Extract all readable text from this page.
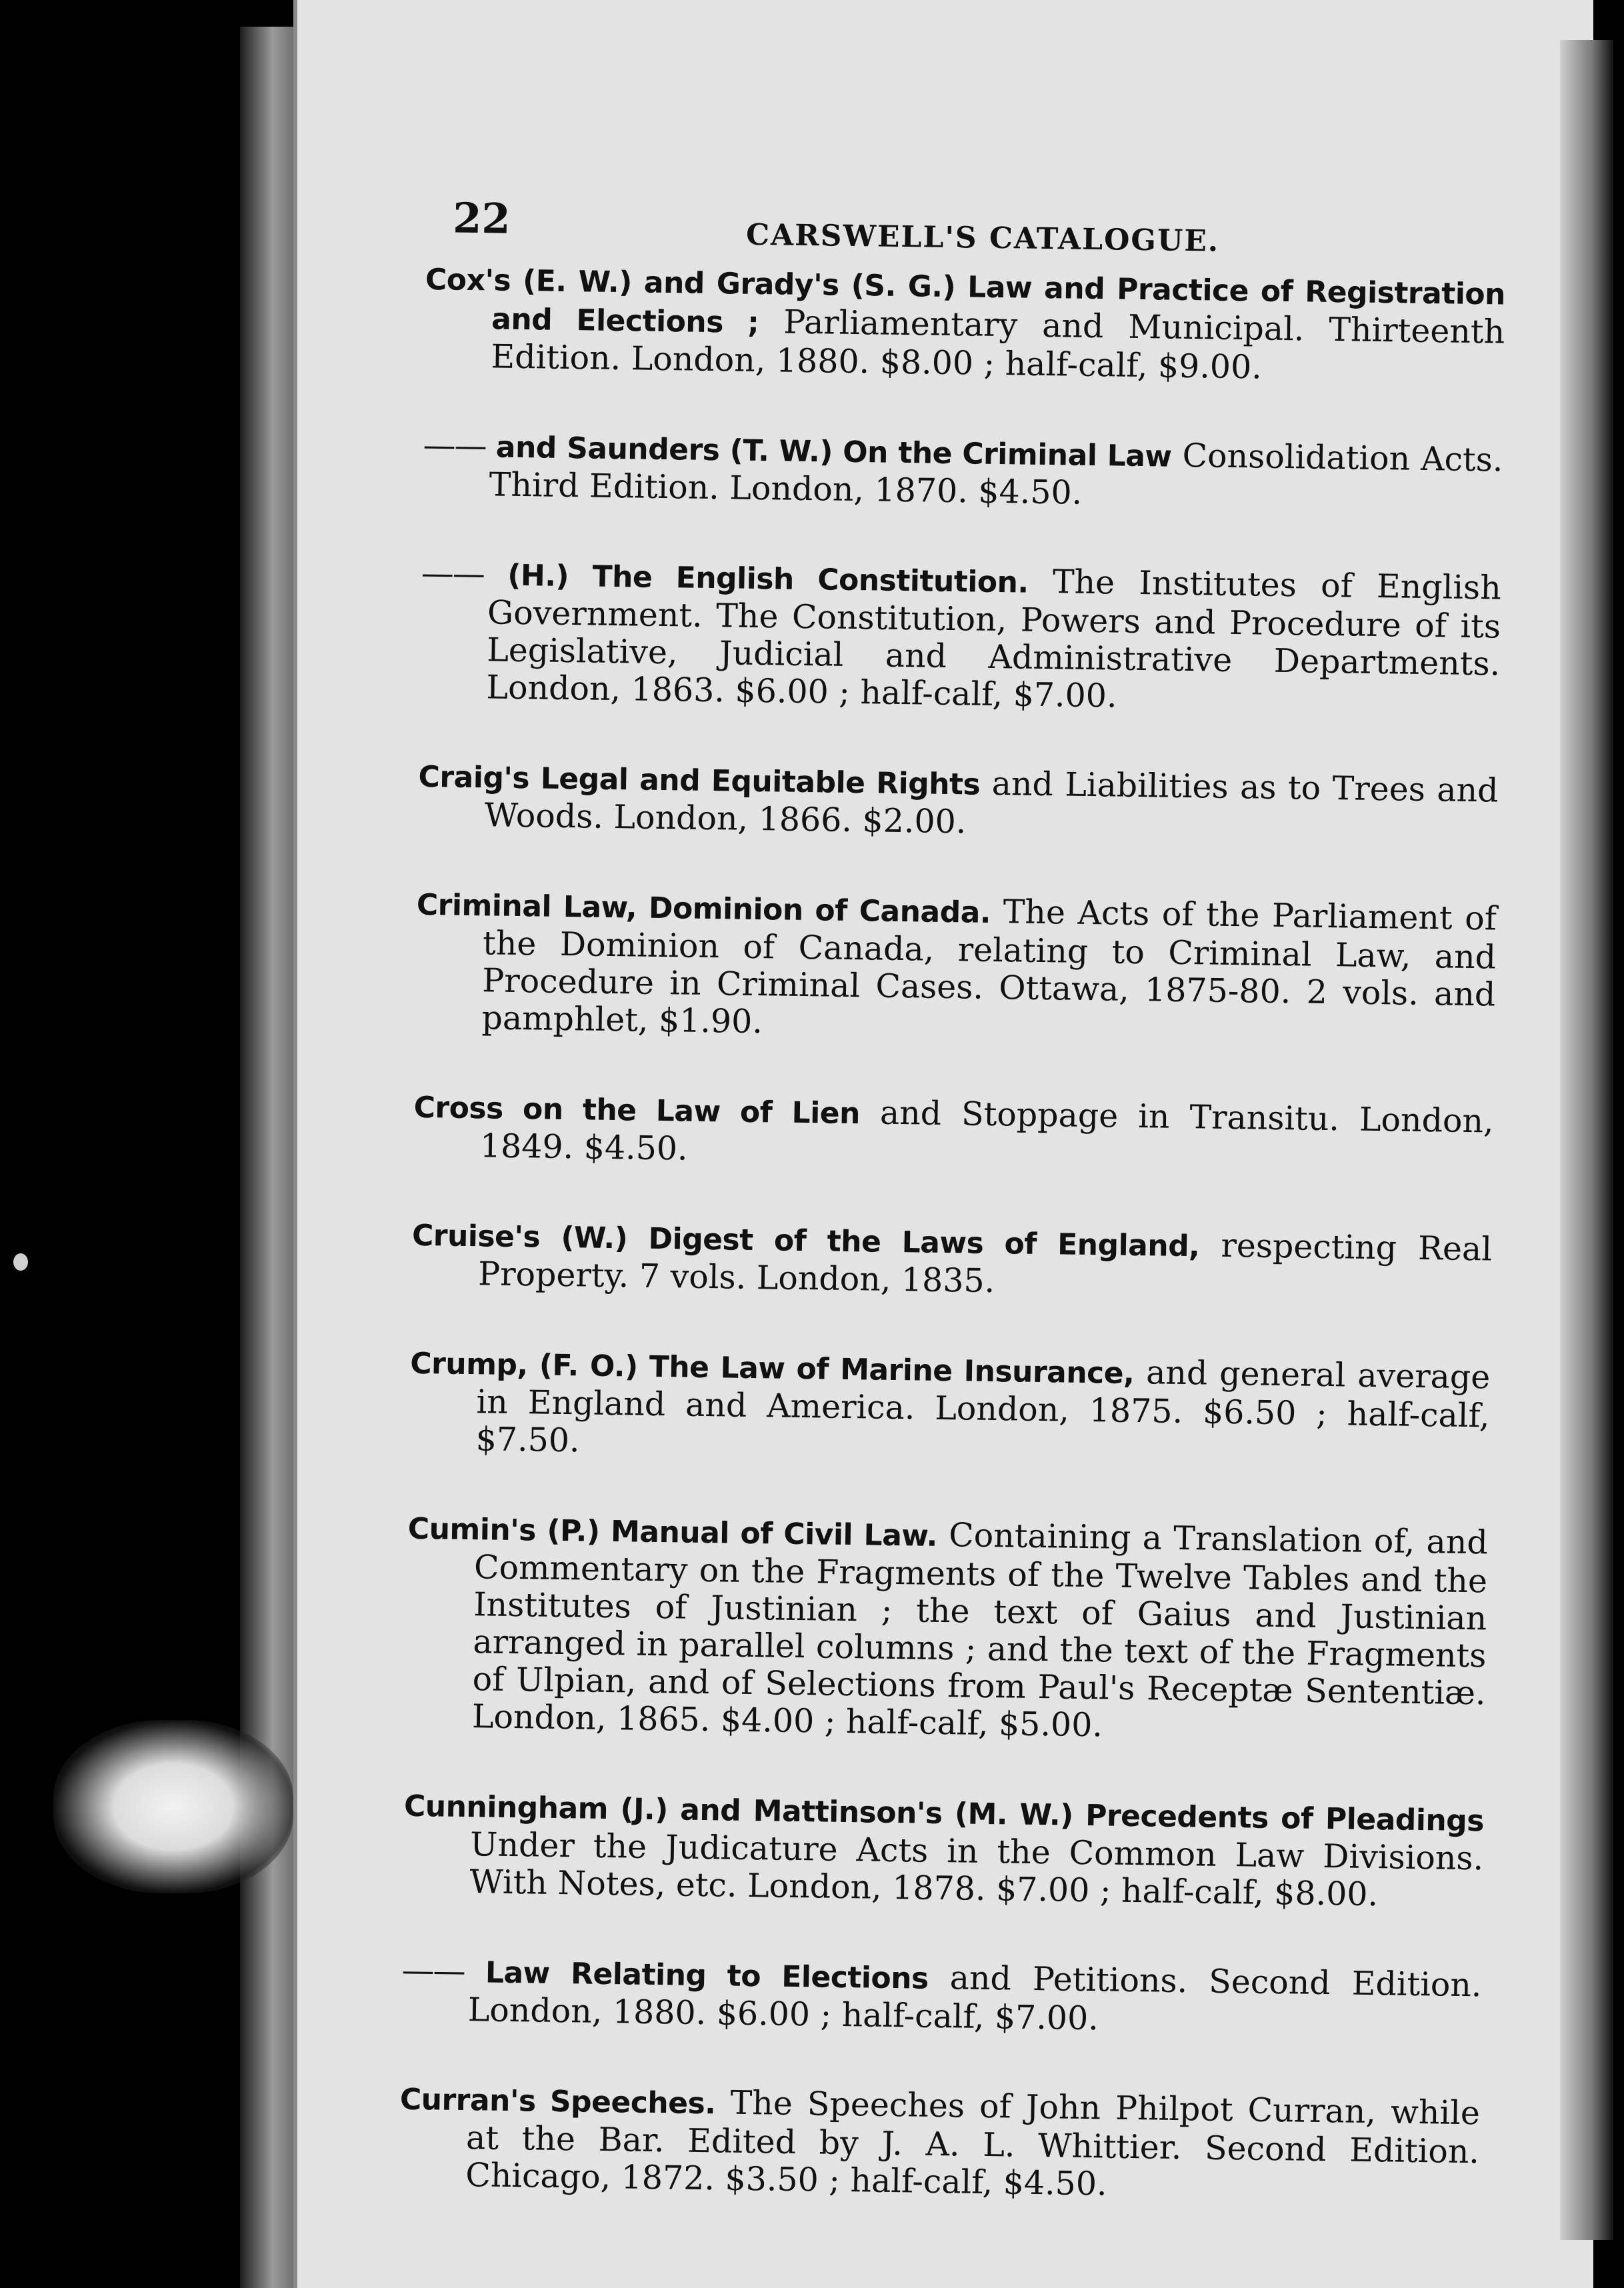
22	CARSWELL'S CATALOGUE.
Cox's (E. W.) and Grady's (S. G.) Law and Practice of Registration and Elections ; Parliamentary and Municipal. Thirteenth Edition. London, 1880. $8.00 ; half-calf, $9.00.
—— and Saunders (T. W.) On the Criminal Law Consolidation Acts. Third Edition. London, 1870. $4.50.
—— (H.) The English Constitution. The Institutes of English Government. The Constitution, Powers and Procedure of its Legislative, Judicial and Administrative Departments. London, 1863. $6.00 ; half-calf, $7.00.
Craig's Legal and Equitable Rights and Liabilities as to Trees and Woods. London, 1866. $2.00.
Criminal Law, Dominion of Canada. The Acts of the Parliament of the Dominion of Canada, relating to Criminal Law, and Procedure in Criminal Cases. Ottawa, 1875-80. 2 vols. and pamphlet, $1.90.
Cross on the Law of Lien and Stoppage in Transitu. London, 1849. $4.50.
Cruise's (W.) Digest of the Laws of England, respecting Real Property. 7 vols. London, 1835.
Crump, (F. O.) The Law of Marine Insurance, and general average in England and America. London, 1875. $6.50 ; half-calf, $7.50.
Cumin's (P.) Manual of Civil Law. Containing a Translation of, and Commentary on the Fragments of the Twelve Tables and the Institutes of Justinian ; the text of Gaius and Justinian arranged in parallel columns ; and the text of the Fragments of Ulpian, and of Selections from Paul's Receptæ Sententiæ. London, 1865. $4.00 ; half-calf, $5.00.
Cunningham (J.) and Mattinson's (M. W.) Precedents of Pleadings Under the Judicature Acts in the Common Law Divisions. With Notes, etc. London, 1878. $7.00 ; half-calf, $8.00.
—— Law Relating to Elections and Petitions. Second Edition. London, 1880. $6.00 ; half-calf, $7.00.
Curran's Speeches. The Speeches of John Philpot Curran, while at the Bar. Edited by J. A. L. Whittier. Second Edition. Chicago, 1872. $3.50 ; half-calf, $4.50.
